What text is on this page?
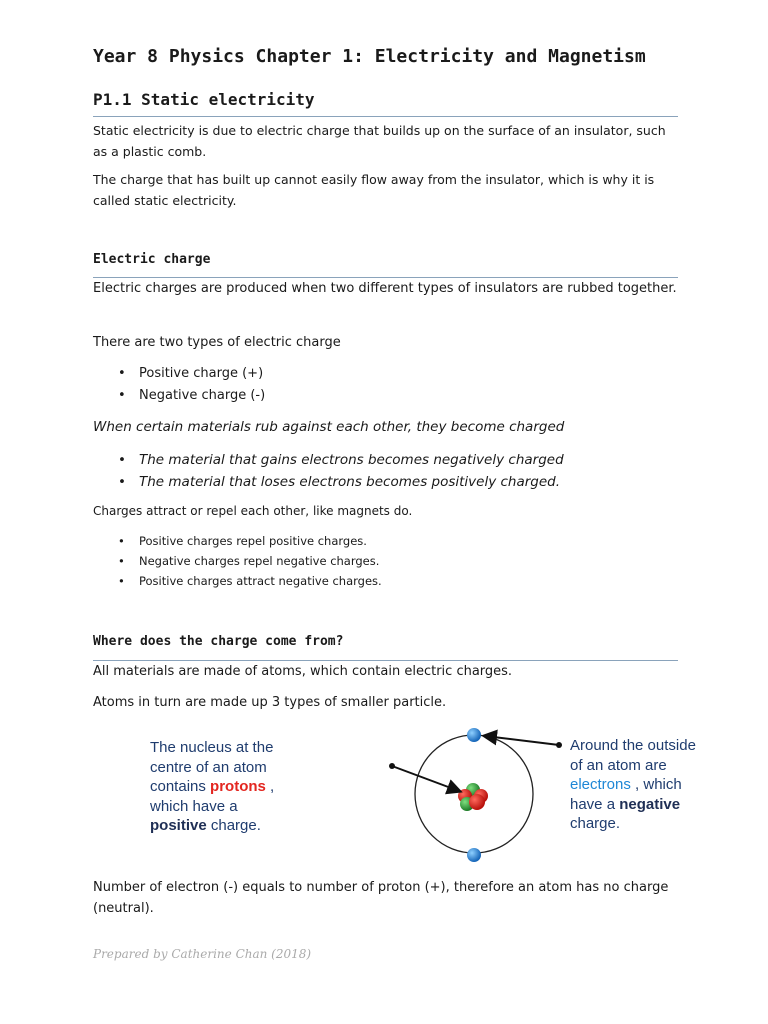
Year 8 Physics Chapter 1: Electricity and Magnetism
P1.1 Static electricity

Static electricity is due to electric charge that builds up on the surface of an insulator, such as a plastic comb.

The charge that has built up cannot easily flow away from the insulator, which is why it is called static electricity.

Electric charge

Electric charges are produced when two different types of insulators are rubbed together.

There are two types of electric charge

• Positive charge (+)
• Negative charge (-)

When certain materials rub against each other, they become charged

• The material that gains electrons becomes negatively charged
• The material that loses electrons becomes positively charged.

Charges attract or repel each other, like magnets do.

• Positive charges repel positive charges.
• Negative charges repel negative charges.
• Positive charges attract negative charges.
Where does the charge come from?

All materials are made of atoms, which contain electric charges.

Atoms in turn are made up 3 types of smaller particle.

The nucleus at the
centre of an atom
contains protons ,
which have a
positive charge.
Around the outside
of an atom are
electrons , which
have a negative
charge.

Number of electron (-) equals to number of proton (+), therefore an atom has no charge (neutral).

Prepared by Catherine Chan (2018)
